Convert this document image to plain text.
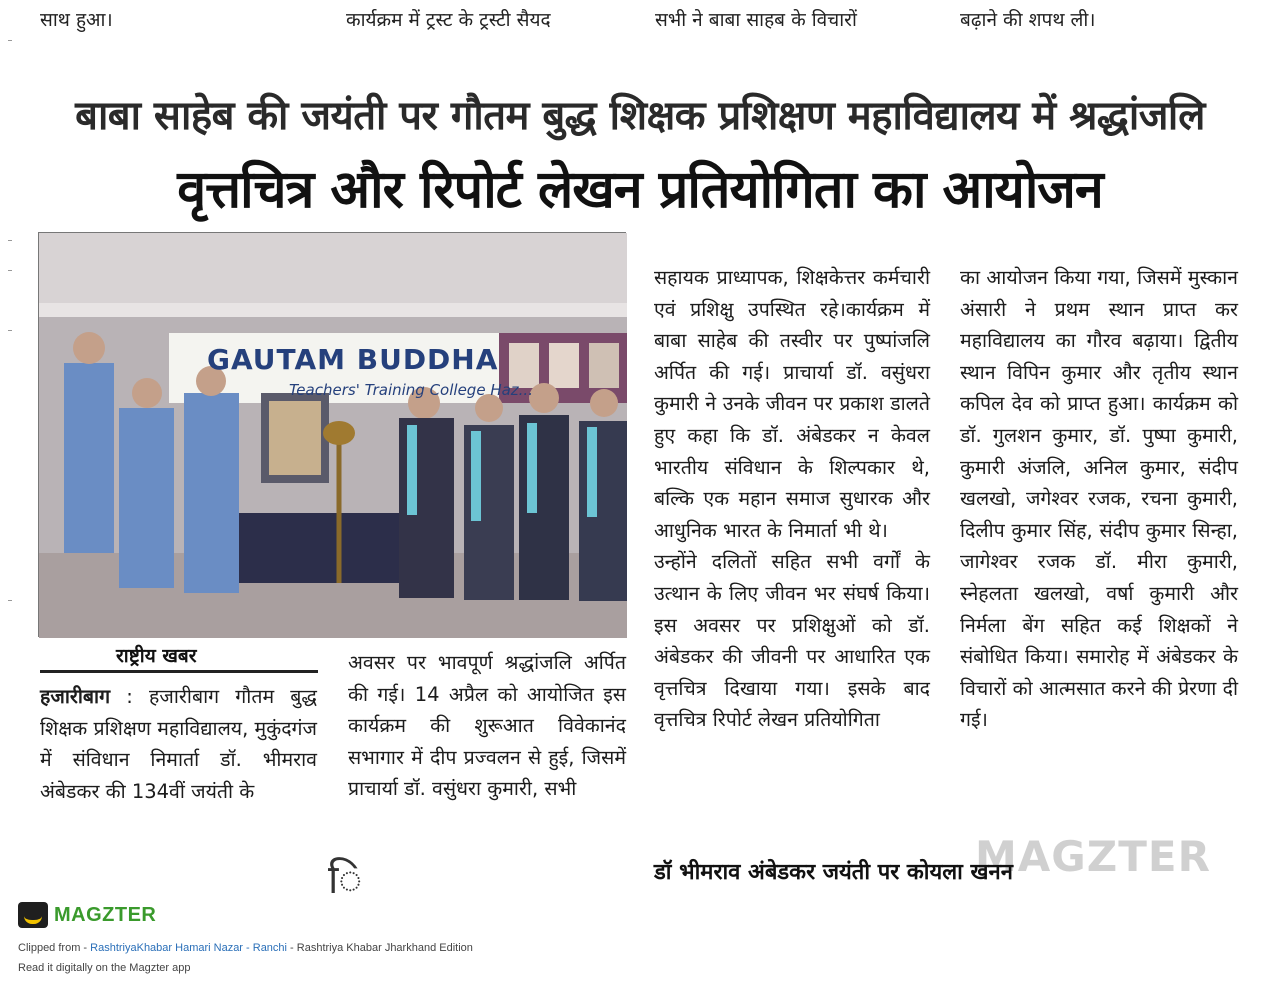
साथ हुआ।	कार्यक्रम में ट्रस्ट के ट्रस्टी सैयद	सभी ने बाबा साहब के विचारों	बढ़ाने की शपथ ली।
बाबा साहेब की जयंती पर गौतम बुद्ध शिक्षक प्रशिक्षण महाविद्यालय में श्रद्धांजलि
वृत्तचित्र और रिपोर्ट लेखन प्रतियोगिता का आयोजन
GAUTAM BUDDHA
Teachers' Training College Haz...
राष्ट्रीय खबर

हजारीबाग : हजारीबाग गौतम बुद्ध शिक्षक प्रशिक्षण महाविद्यालय, मुकुंदगंज में संविधान निमार्ता डॉ. भीमराव अंबेडकर की 134वीं जयंती के

अवसर पर भावपूर्ण श्रद्धांजलि अर्पित की गई। 14 अप्रैल को आयोजित इस कार्यक्रम की शुरूआत विवेकानंद सभागार में दीप प्रज्वलन से हुई, जिसमें प्राचार्या डॉ. वसुंधरा कुमारी, सभी

सहायक प्राध्यापक, शिक्षकेत्तर कर्मचारी एवं प्रशिक्षु उपस्थित रहे।कार्यक्रम में बाबा साहेब की तस्वीर पर पुष्पांजलि अर्पित की गई। प्राचार्या डॉ. वसुंधरा कुमारी ने उनके जीवन पर प्रकाश डालते हुए कहा कि डॉ. अंबेडकर न केवल भारतीय संविधान के शिल्पकार थे, बल्कि एक महान समाज सुधारक और आधुनिक भारत के निमार्ता भी थे।

उन्होंने दलितों सहित सभी वर्गों के उत्थान के लिए जीवन भर संघर्ष किया। इस अवसर पर प्रशिक्षुओं को डॉ. अंबेडकर की जीवनी पर आधारित एक वृत्तचित्र दिखाया गया। इसके बाद वृत्तचित्र रिपोर्ट लेखन प्रतियोगिता

का आयोजन किया गया, जिसमें मुस्कान अंसारी ने प्रथम स्थान प्राप्त कर महाविद्यालय का गौरव बढ़ाया। द्वितीय स्थान विपिन कुमार और तृतीय स्थान कपिल देव को प्राप्त हुआ। कार्यक्रम को डॉ. गुलशन कुमार, डॉ. पुष्पा कुमारी, कुमारी अंजलि, अनिल कुमार, संदीप खलखो, जगेश्वर रजक, रचना कुमारी, दिलीप कुमार सिंह, संदीप कुमार सिन्हा, जागेश्वर रजक डॉ. मीरा कुमारी, स्नेहलता खलखो, वर्षा कुमारी और निर्मला बेंग सहित कई शिक्षकों ने संबोधित किया। समारोह में अंबेडकर के विचारों को आत्मसात करने की प्रेरणा दी गई।

MAGZTER
ि	डॉ भीमराव अंबेडकर जयंती पर कोयला खनन
MAGZTER
Clipped from - RashtriyaKhabar Hamari Nazar - Ranchi - Rashtriya Khabar Jharkhand Edition
Read it digitally on the Magzter app
